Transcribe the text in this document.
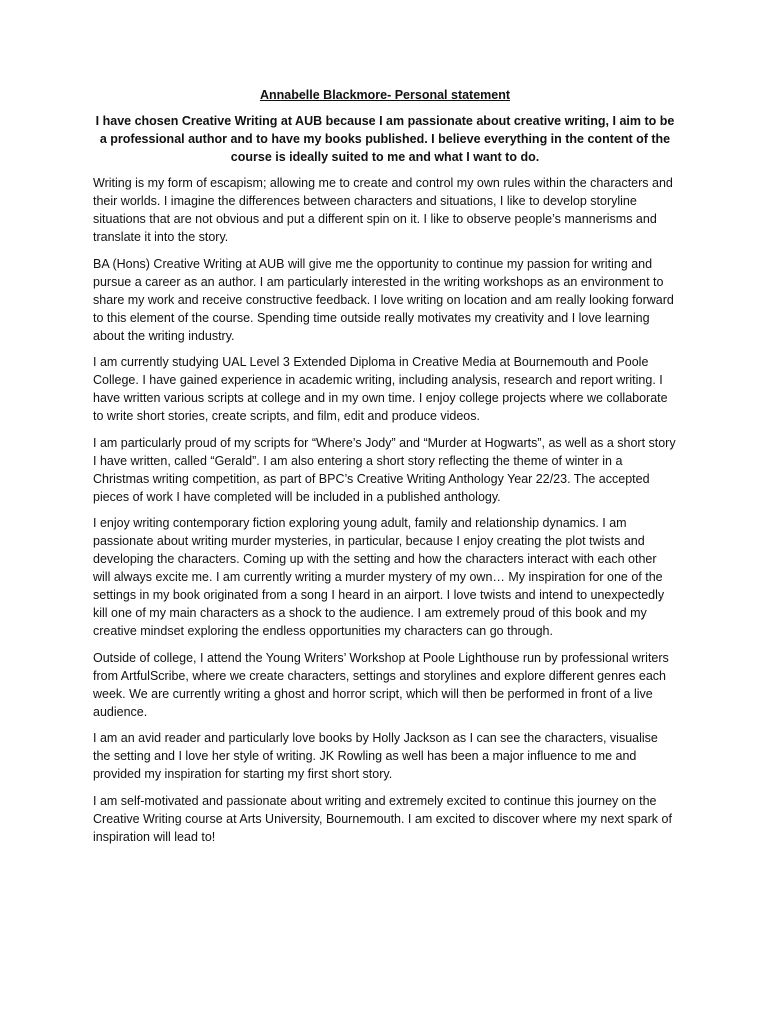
Annabelle Blackmore- Personal statement
I have chosen Creative Writing at AUB because I am passionate about creative writing, I aim to be a professional author and to have my books published. I believe everything in the content of the course is ideally suited to me and what I want to do.

Writing is my form of escapism; allowing me to create and control my own rules within the characters and their worlds. I imagine the differences between characters and situations, I like to develop storyline situations that are not obvious and put a different spin on it. I like to observe people’s mannerisms and translate it into the story.

BA (Hons) Creative Writing at AUB will give me the opportunity to continue my passion for writing and pursue a career as an author. I am particularly interested in the writing workshops as an environment to share my work and receive constructive feedback. I love writing on location and am really looking forward to this element of the course. Spending time outside really motivates my creativity and I love learning about the writing industry.

I am currently studying UAL Level 3 Extended Diploma in Creative Media at Bournemouth and Poole College. I have gained experience in academic writing, including analysis, research and report writing. I have written various scripts at college and in my own time. I enjoy college projects where we collaborate to write short stories, create scripts, and film, edit and produce videos.

I am particularly proud of my scripts for “Where’s Jody” and “Murder at Hogwarts”, as well as a short story I have written, called “Gerald”. I am also entering a short story reflecting the theme of winter in a Christmas writing competition, as part of BPC’s Creative Writing Anthology Year 22/23. The accepted pieces of work I have completed will be included in a published anthology.

I enjoy writing contemporary fiction exploring young adult, family and relationship dynamics. I am passionate about writing murder mysteries, in particular, because I enjoy creating the plot twists and developing the characters. Coming up with the setting and how the characters interact with each other will always excite me. I am currently writing a murder mystery of my own… My inspiration for one of the settings in my book originated from a song I heard in an airport. I love twists and intend to unexpectedly kill one of my main characters as a shock to the audience. I am extremely proud of this book and my creative mindset exploring the endless opportunities my characters can go through.

Outside of college, I attend the Young Writers’ Workshop at Poole Lighthouse run by professional writers from ArtfulScribe, where we create characters, settings and storylines and explore different genres each week. We are currently writing a ghost and horror script, which will then be performed in front of a live audience.

I am an avid reader and particularly love books by Holly Jackson as I can see the characters, visualise the setting and I love her style of writing. JK Rowling as well has been a major influence to me and provided my inspiration for starting my first short story.

I am self-motivated and passionate about writing and extremely excited to continue this journey on the Creative Writing course at Arts University, Bournemouth. I am excited to discover where my next spark of inspiration will lead to!
